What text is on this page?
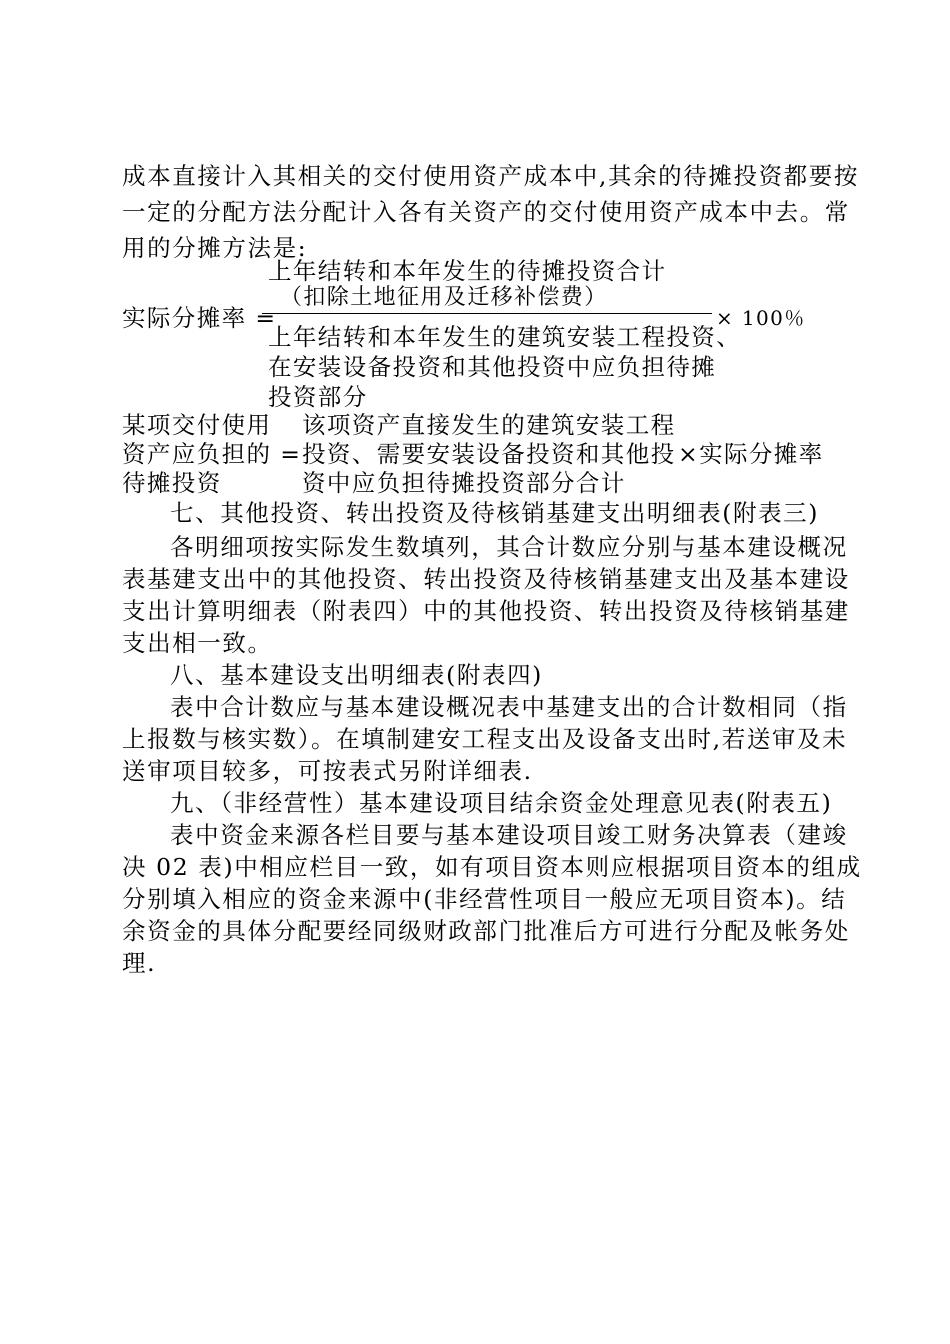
成本直接计入其相关的交付使用资产成本中,其余的待摊投资都要按
一定的分配方法分配计入各有关资产的交付使用资产成本中去。常
用的分摊方法是:
上年结转和本年发生的待摊投资合计
（扣除土地征用及迁移补偿费）
实际分摊率 =	× 100％
上年结转和本年发生的建筑安装工程投资、
在安装设备投资和其他投资中应负担待摊
投资部分
某项交付使用
资产应负担的 =
待摊投资
该项资产直接发生的建筑安装工程
投资、需要安装设备投资和其他投
资中应负担待摊投资部分合计
×实际分摊率
七、其他投资、转出投资及待核销基建支出明细表(附表三)
各明细项按实际发生数填列，其合计数应分别与基本建设概况
表基建支出中的其他投资、转出投资及待核销基建支出及基本建设
支出计算明细表（附表四）中的其他投资、转出投资及待核销基建
支出相一致。
八、基本建设支出明细表(附表四)
表中合计数应与基本建设概况表中基建支出的合计数相同（指
上报数与核实数）。在填制建安工程支出及设备支出时,若送审及未
送审项目较多，可按表式另附详细表.
九、（非经营性）基本建设项目结余资金处理意见表(附表五)
表中资金来源各栏目要与基本建设项目竣工财务决算表（建竣
决 02 表)中相应栏目一致，如有项目资本则应根据项目资本的组成
分别填入相应的资金来源中(非经营性项目一般应无项目资本)。结
余资金的具体分配要经同级财政部门批准后方可进行分配及帐务处
理.
